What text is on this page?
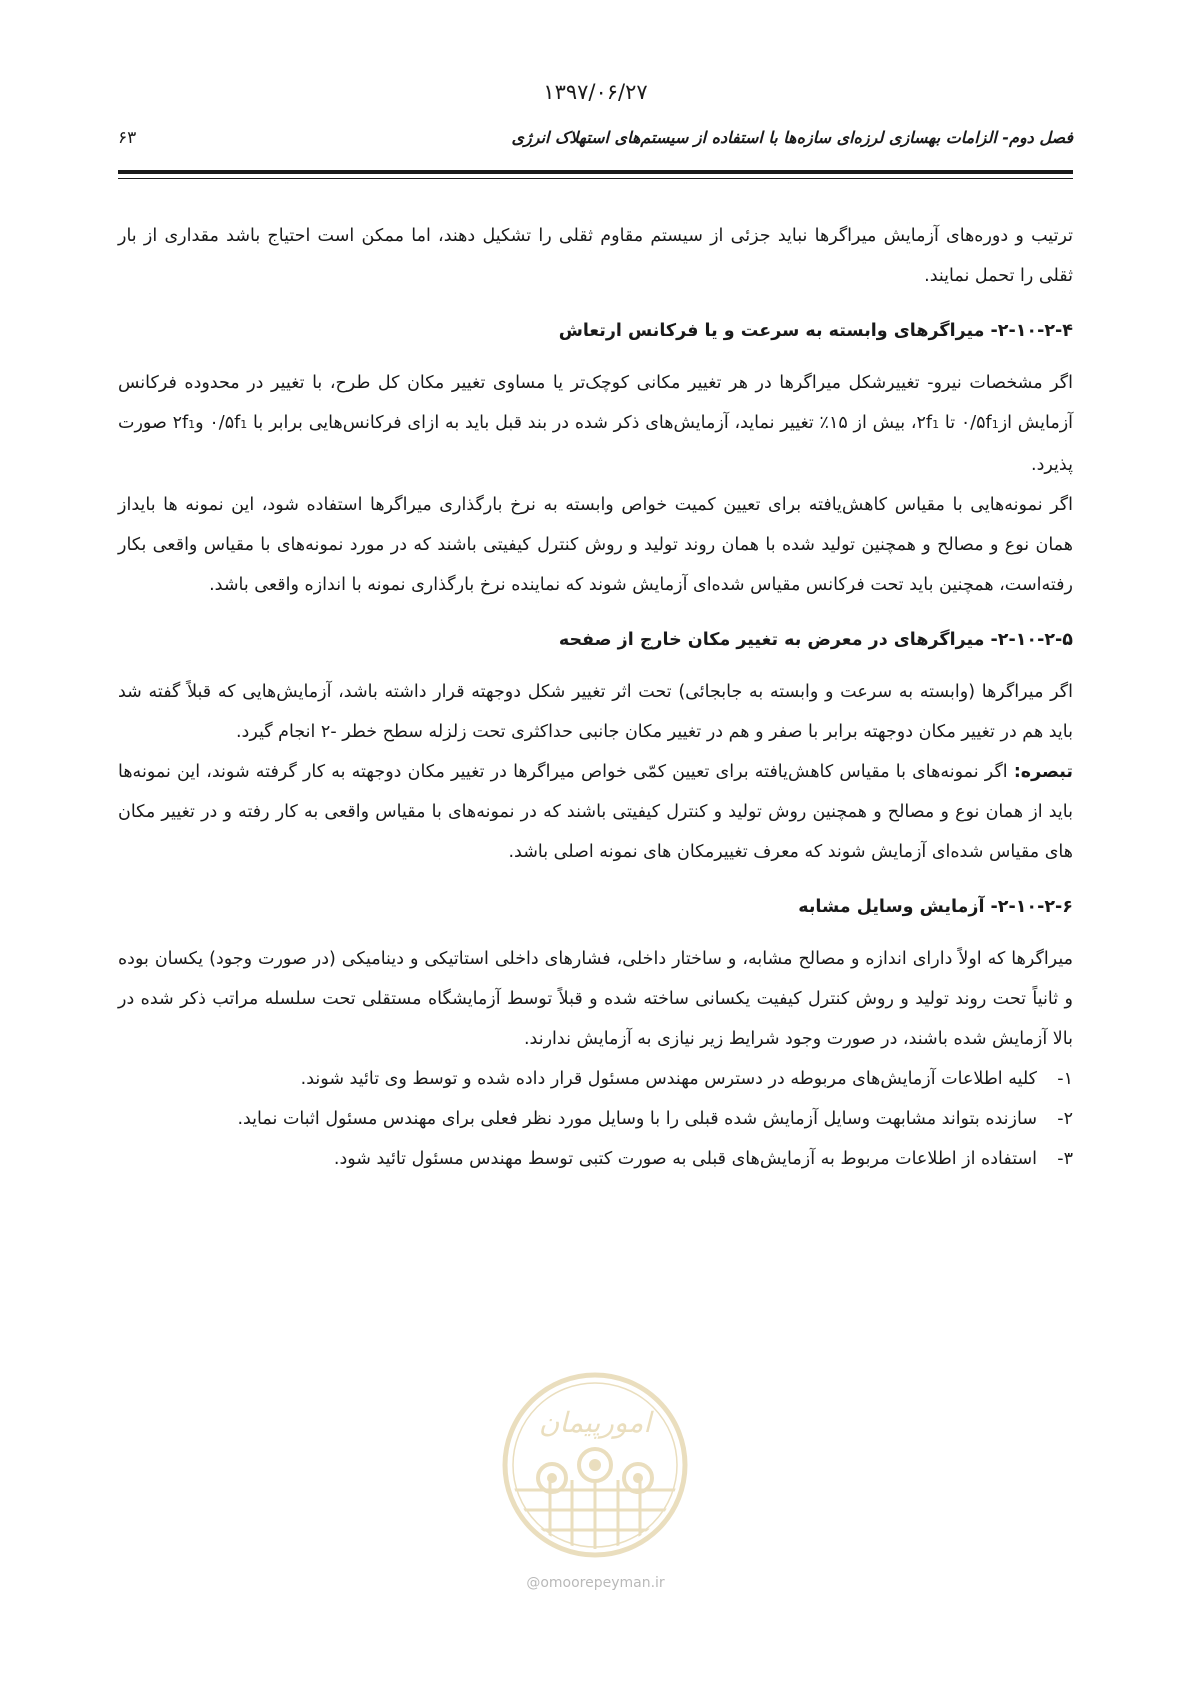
۱۳۹۷/۰۶/۲۷
فصل دوم- الزامات بهسازی لرزه‌ای سازه‌ها با استفاده از سیستم‌های استهلاک انرژی
۶۳

ترتیب و دوره‌های آزمایش میراگرها نباید جزئی از سیستم مقاوم ثقلی را تشکیل دهند، اما ممکن است احتیاج باشد مقداری از بار ثقلی را تحمل نمایند.

۲-۱۰-۲-۴- میراگرهای وابسته به سرعت و یا فرکانس ارتعاش

اگر مشخصات نیرو- تغییرشکل میراگرها در هر تغییر مکانی کوچک‌تر یا مساوی تغییر مکان کل طرح، با تغییر در محدوده فرکانس آزمایش از۰/۵f1 تا ۲f1، بیش از ۱۵٪ تغییر نماید، آزمایش‌های ذکر شده در بند قبل باید به ازای فرکانس‌هایی برابر با ۰/۵f1 و۲f1 صورت پذیرد.

اگر نمونه‌هایی با مقیاس کاهش‌یافته برای تعیین کمیت خواص وابسته به نرخ بارگذاری میراگرها استفاده شود، این نمونه ها بایداز همان نوع و مصالح و همچنین تولید شده با همان روند تولید و روش کنترل کیفیتی باشند که در مورد نمونه‌های با مقیاس واقعی بکار رفته‌است، همچنین باید تحت فرکانس مقیاس شده‌ای آزمایش شوند که نماینده نرخ بارگذاری نمونه با اندازه واقعی باشد.

۲-۱۰-۲-۵- میراگرهای در معرض به تغییر مکان خارج از صفحه

اگر میراگرها (وابسته به سرعت و وابسته به جابجائی) تحت اثر تغییر شکل دوجهته قرار داشته باشد، آزمایش‌هایی که قبلاً گفته شد باید هم در تغییر مکان دوجهته برابر با صفر و هم در تغییر مکان جانبی حداکثری تحت زلزله سطح خطر -۲ انجام گیرد.

تبصره: اگر نمونه‌های با مقیاس کاهش‌یافته برای تعیین کمّی خواص میراگرها در تغییر مکان دوجهته به کار گرفته شوند، این نمونه‌ها باید از همان نوع و مصالح و همچنین روش تولید و کنترل کیفیتی باشند که در نمونه‌های با مقیاس واقعی به کار رفته و در تغییر مکان های مقیاس شده‌ای آزمایش شوند که معرف تغییرمکان های نمونه اصلی باشد.

۲-۱۰-۲-۶- آزمایش وسایل مشابه

میراگرها که اولاً دارای اندازه و مصالح مشابه، و ساختار داخلی، فشارهای داخلی استاتیکی و دینامیکی (در صورت وجود) یکسان بوده و ثانیاً تحت روند تولید و روش کنترل کیفیت یکسانی ساخته شده و قبلاً توسط آزمایشگاه مستقلی تحت سلسله مراتب ذکر شده در بالا آزمایش شده باشند، در صورت وجود شرایط زیر نیازی به آزمایش ندارند.

۱-
کلیه اطلاعات آزمایش‌های مربوطه در دسترس مهندس مسئول قرار داده شده و توسط وی تائید شوند.
۲-
سازنده بتواند مشابهت وسایل آزمایش شده قبلی را با وسایل مورد نظر فعلی برای مهندس مسئول اثبات نماید.
۳-
استفاده از اطلاعات مربوط به آزمایش‌های قبلی به صورت کتبی توسط مهندس مسئول تائید شود.
امورپیمان
@omoorepeyman.ir
